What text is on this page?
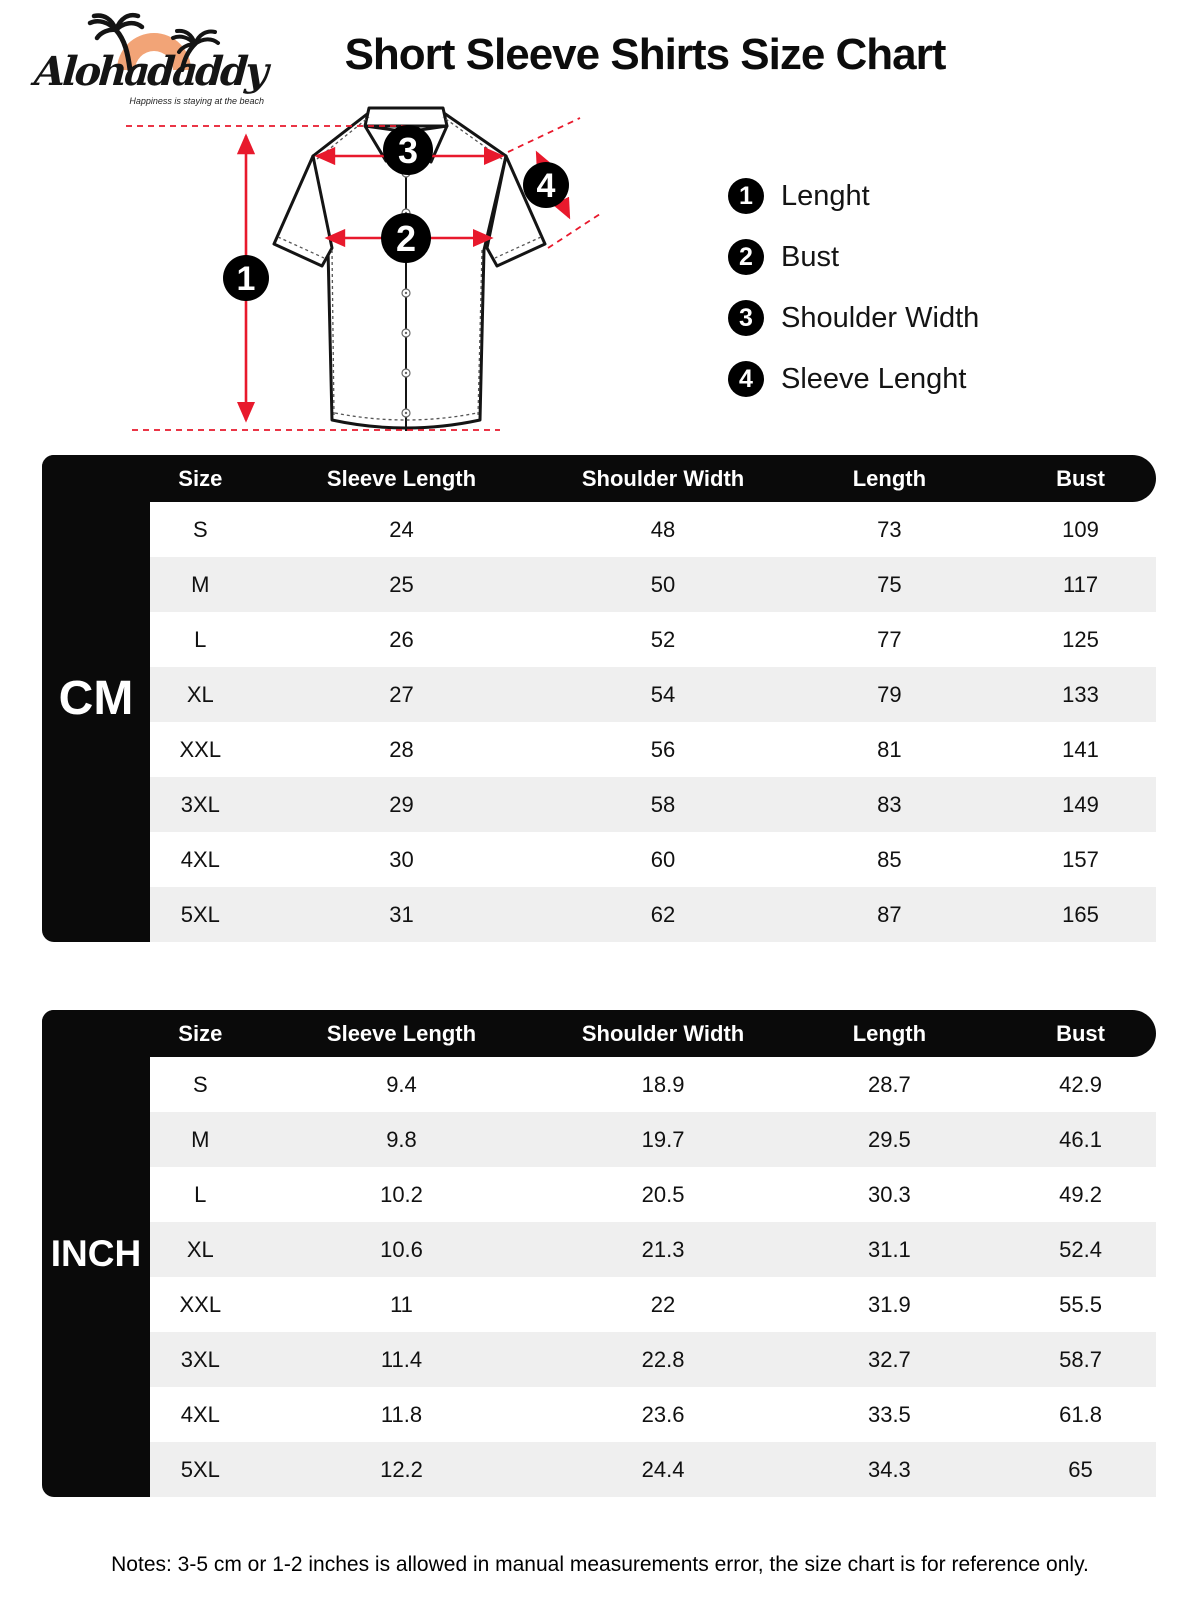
Alohadaddy
Happiness is staying at the beach
Short Sleeve Shirts Size Chart
1
2
3
4	1 Lenght
2 Bust
3 Shoulder Width
4 Sleeve Lenght
CM
Size	Sleeve Length	Shoulder Width	Length	Bust
S	24	48	73	109
M	25	50	75	117
L	26	52	77	125
XL	27	54	79	133
XXL	28	56	81	141
3XL	29	58	83	149
4XL	30	60	85	157
5XL	31	62	87	165
INCH
Size	Sleeve Length	Shoulder Width	Length	Bust
S	9.4	18.9	28.7	42.9
M	9.8	19.7	29.5	46.1
L	10.2	20.5	30.3	49.2
XL	10.6	21.3	31.1	52.4
XXL	11	22	31.9	55.5
3XL	11.4	22.8	32.7	58.7
4XL	11.8	23.6	33.5	61.8
5XL	12.2	24.4	34.3	65

Notes: 3-5 cm or 1-2 inches is allowed in manual measurements error, the size chart is for reference only.
